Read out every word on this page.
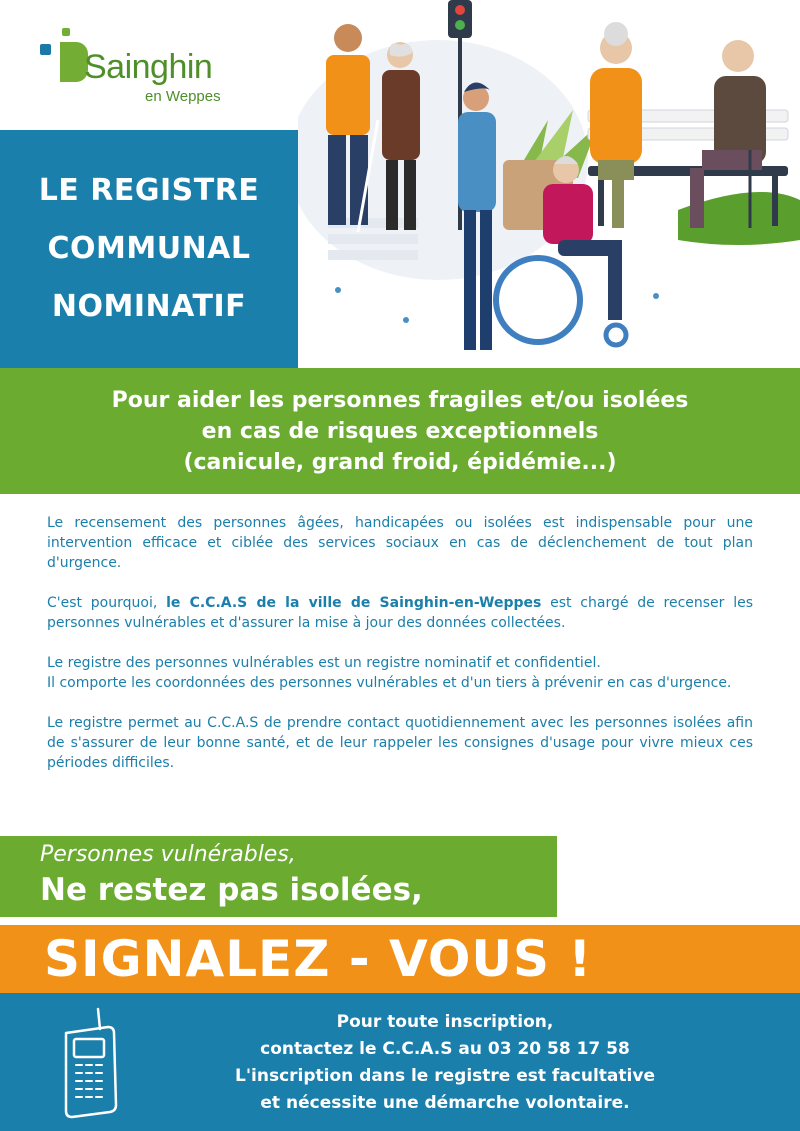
Sainghin
en Weppes
LE REGISTRE
COMMUNAL
NOMINATIF
Pour aider les personnes fragiles et/ou isolées
en cas de risques exceptionnels
(canicule, grand froid, épidémie...)

Le recensement des personnes âgées, handicapées ou isolées est indispensable pour une intervention efficace et ciblée des services sociaux en cas de déclenchement de tout plan d'urgence.

C'est pourquoi, le C.C.A.S de la ville de Sainghin-en-Weppes est chargé de recenser les personnes vulnérables et d'assurer la mise à jour des données collectées.

Le registre des personnes vulnérables est un registre nominatif et confidentiel.
Il comporte les coordonnées des personnes vulnérables et d'un tiers à prévenir en cas d'urgence.

Le registre permet au C.C.A.S de prendre contact quotidiennement avec les personnes isolées afin de s'assurer de leur bonne santé, et de leur rappeler les consignes d'usage pour vivre mieux ces périodes difficiles.

Personnes vulnérables,
Ne restez pas isolées,
SIGNALEZ - VOUS !
Pour toute inscription,
contactez le C.C.A.S au 03 20 58 17 58
L'inscription dans le registre est facultative
et nécessite une démarche volontaire.
